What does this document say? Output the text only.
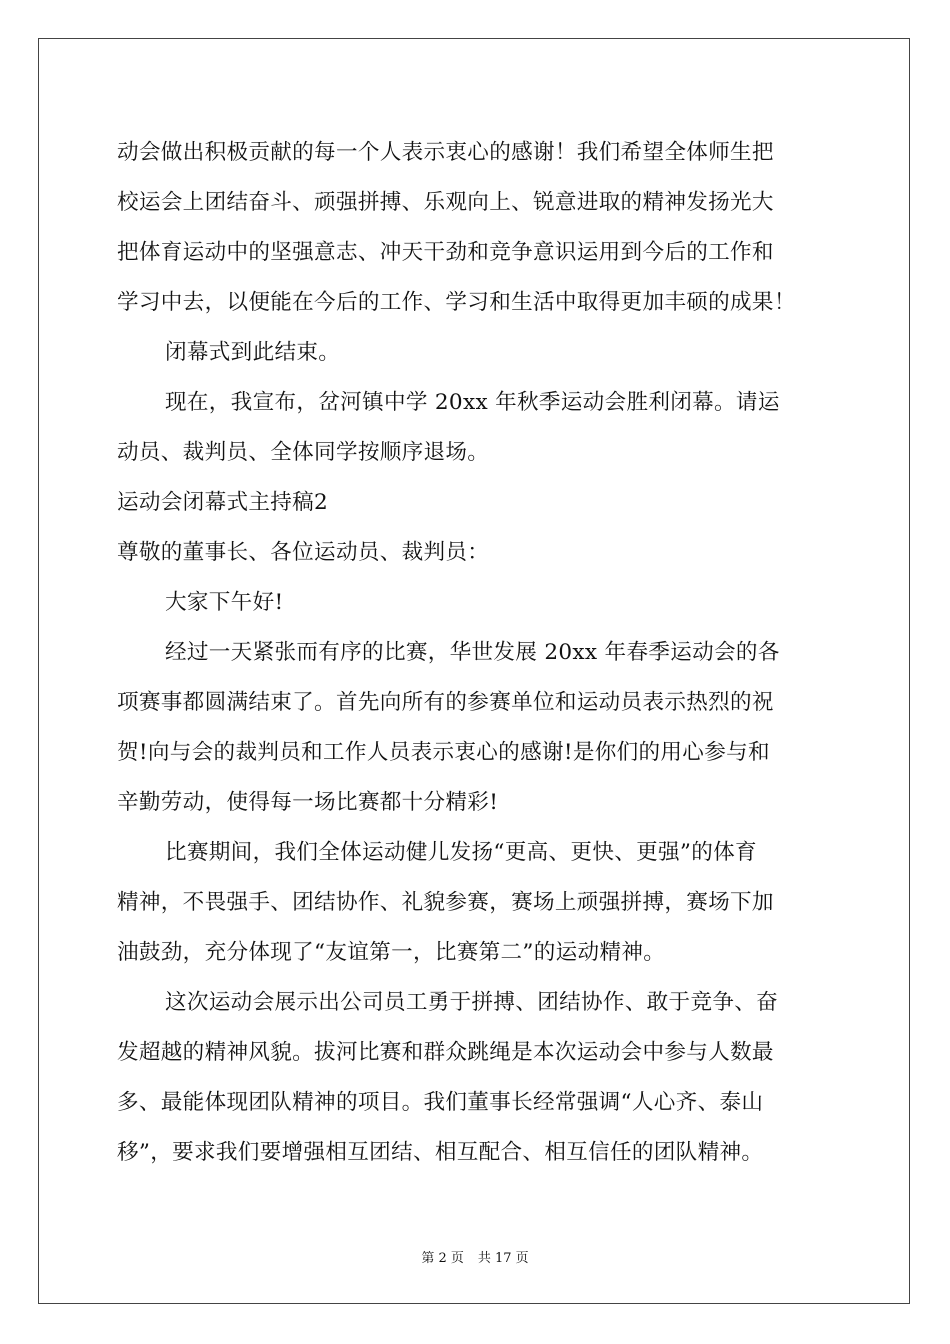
动会做出积极贡献的每一个人表示衷心的感谢！我们希望全体师生把
校运会上团结奋斗、顽强拼搏、乐观向上、锐意进取的精神发扬光大
把体育运动中的坚强意志、冲天干劲和竞争意识运用到今后的工作和
学习中去，以便能在今后的工作、学习和生活中取得更加丰硕的成果！
闭幕式到此结束。
现在，我宣布，岔河镇中学 20xx 年秋季运动会胜利闭幕。请运
动员、裁判员、全体同学按顺序退场。
运动会闭幕式主持稿2
尊敬的董事长、各位运动员、裁判员：
大家下午好!
经过一天紧张而有序的比赛，华世发展 20xx 年春季运动会的各
项赛事都圆满结束了。首先向所有的参赛单位和运动员表示热烈的祝
贺!向与会的裁判员和工作人员表示衷心的感谢!是你们的用心参与和
辛勤劳动，使得每一场比赛都十分精彩!
比赛期间，我们全体运动健儿发扬“更高、更快、更强”的体育
精神，不畏强手、团结协作、礼貌参赛，赛场上顽强拼搏，赛场下加
油鼓劲，充分体现了“友谊第一，比赛第二”的运动精神。
这次运动会展示出公司员工勇于拼搏、团结协作、敢于竞争、奋
发超越的精神风貌。拔河比赛和群众跳绳是本次运动会中参与人数最
多、最能体现团队精神的项目。我们董事长经常强调“人心齐、泰山
移”，要求我们要增强相互团结、相互配合、相互信任的团队精神。
第 2 页 共 17 页
